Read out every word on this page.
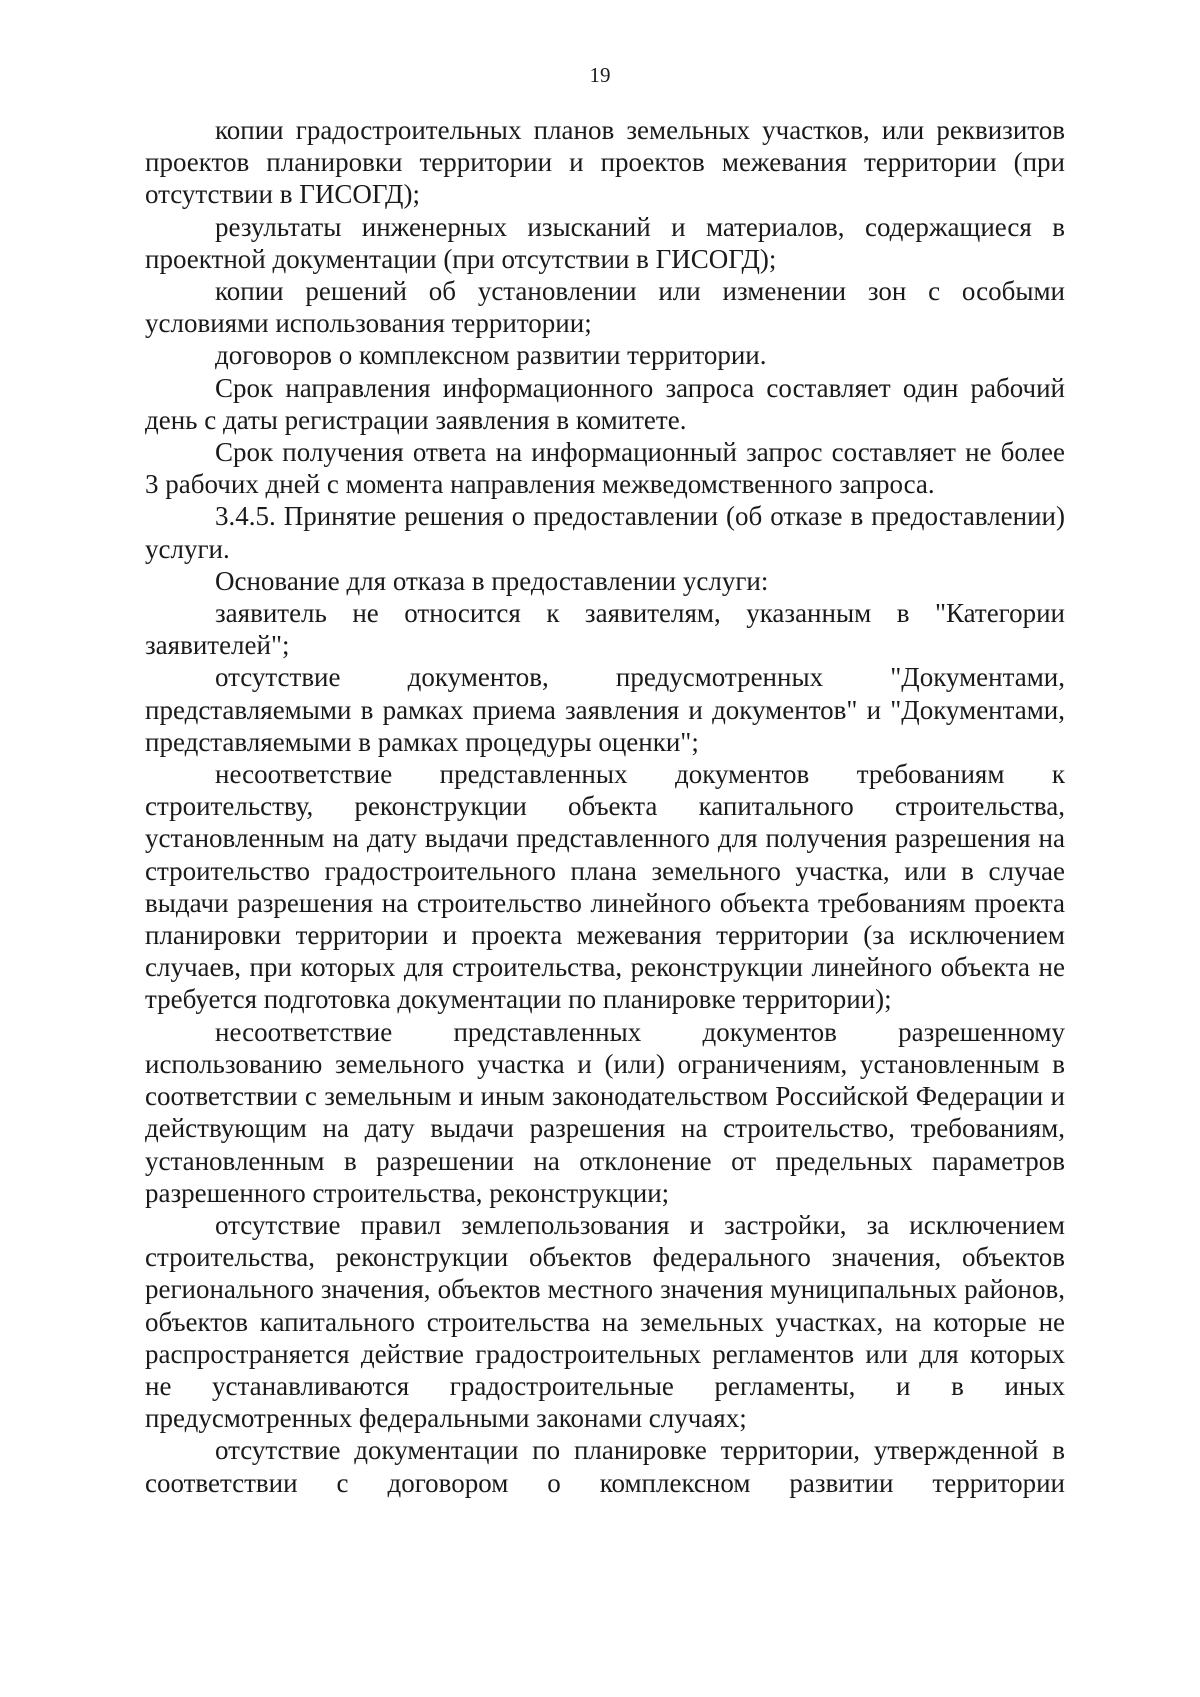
19

копии градостроительных планов земельных участков, или реквизитов проектов планировки территории и проектов межевания территории (при отсутствии в ГИСОГД);

результаты инженерных изысканий и материалов, содержащиеся в проектной документации (при отсутствии в ГИСОГД);

копии решений об установлении или изменении зон с особыми условиями использования территории;

договоров о комплексном развитии территории.

Срок направления информационного запроса составляет один рабочий день с даты регистрации заявления в комитете.

Срок получения ответа на информационный запрос составляет не более 3 рабочих дней с момента направления межведомственного запроса.

3.4.5. Принятие решения о предоставлении (об отказе в предоставлении) услуги.

Основание для отказа в предоставлении услуги:

заявитель не относится к заявителям, указанным в "Категории заявителей";

отсутствие документов, предусмотренных "Документами, представляемыми в рамках приема заявления и документов" и "Документами, представляемыми в рамках процедуры оценки";

несоответствие представленных документов требованиям к строительству, реконструкции объекта капитального строительства, установленным на дату выдачи представленного для получения разрешения на строительство градостроительного плана земельного участка, или в случае выдачи разрешения на строительство линейного объекта требованиям проекта планировки территории и проекта межевания территории (за исключением случаев, при которых для строительства, реконструкции линейного объекта не требуется подготовка документации по планировке территории);

несоответствие представленных документов разрешенному использованию земельного участка и (или) ограничениям, установленным в соответствии с земельным и иным законодательством Российской Федерации и действующим на дату выдачи разрешения на строительство, требованиям, установленным в разрешении на отклонение от предельных параметров разрешенного строительства, реконструкции;

отсутствие правил землепользования и застройки, за исключением строительства, реконструкции объектов федерального значения, объектов регионального значения, объектов местного значения муниципальных районов, объектов капитального строительства на земельных участках, на которые не распространяется действие градостроительных регламентов или для которых не устанавливаются градостроительные регламенты, и в иных предусмотренных федеральными законами случаях;

отсутствие документации по планировке территории, утвержденной в соответствии с договором о комплексном развитии территории
